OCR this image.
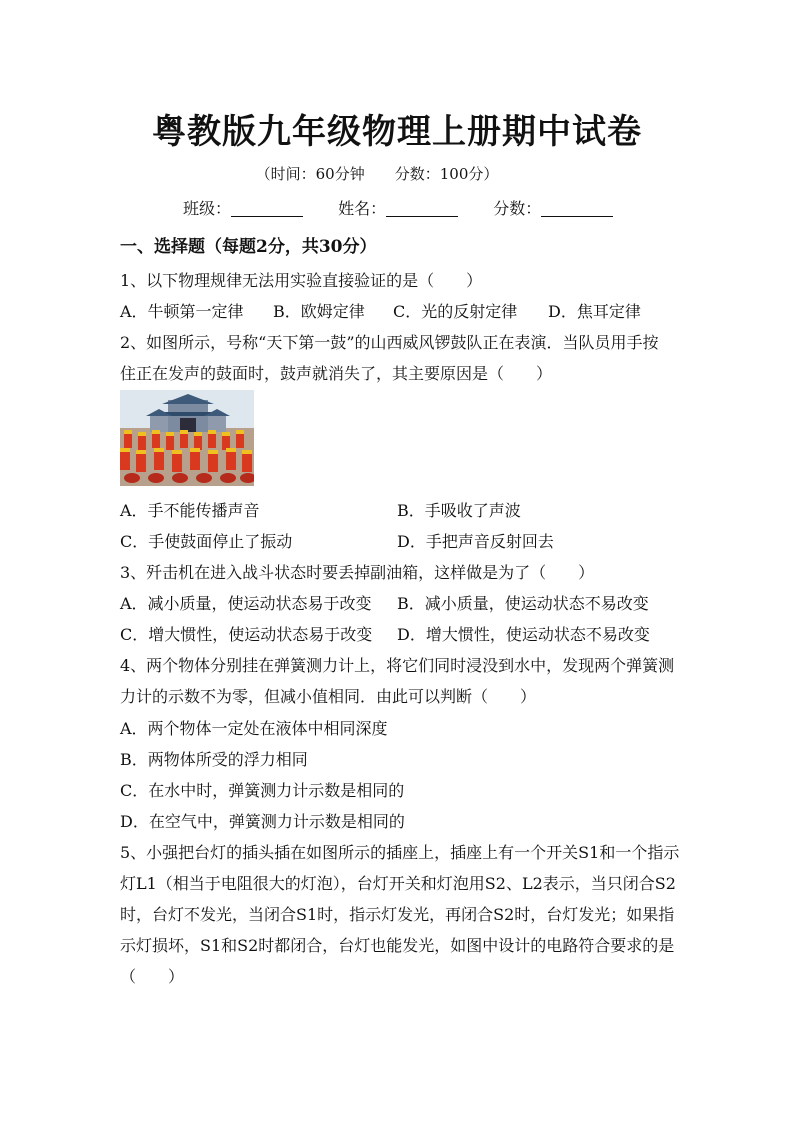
粤教版九年级物理上册期中试卷
（时间：60分钟　　分数：100分）
班级：	姓名：	分数：
一、选择题（每题2分，共30分）
1、以下物理规律无法用实验直接验证的是（　　）
A．牛顿第一定律 B．欧姆定律 C．光的反射定律 D．焦耳定律
2、如图所示，号称“天下第一鼓”的山西威风锣鼓队正在表演．当队员用手按
住正在发声的鼓面时，鼓声就消失了，其主要原因是（　　）
A．手不能传播声音	B．手吸收了声波
C．手使鼓面停止了振动	D．手把声音反射回去
3、歼击机在进入战斗状态时要丢掉副油箱，这样做是为了（　　）
A．减小质量，使运动状态易于改变 B．减小质量，使运动状态不易改变
C．增大惯性，使运动状态易于改变 D．增大惯性，使运动状态不易改变
4、两个物体分别挂在弹簧测力计上，将它们同时浸没到水中，发现两个弹簧测
力计的示数不为零，但减小值相同．由此可以判断（　　）
A．两个物体一定处在液体中相同深度
B．两物体所受的浮力相同
C．在水中时，弹簧测力计示数是相同的
D．在空气中，弹簧测力计示数是相同的
5、小强把台灯的插头插在如图所示的插座上，插座上有一个开关S1和一个指示
灯L1（相当于电阻很大的灯泡），台灯开关和灯泡用S2、L2表示，当只闭合S2
时，台灯不发光，当闭合S1时，指示灯发光，再闭合S2时，台灯发光；如果指
示灯损坏，S1和S2时都闭合，台灯也能发光，如图中设计的电路符合要求的是
（　　）
